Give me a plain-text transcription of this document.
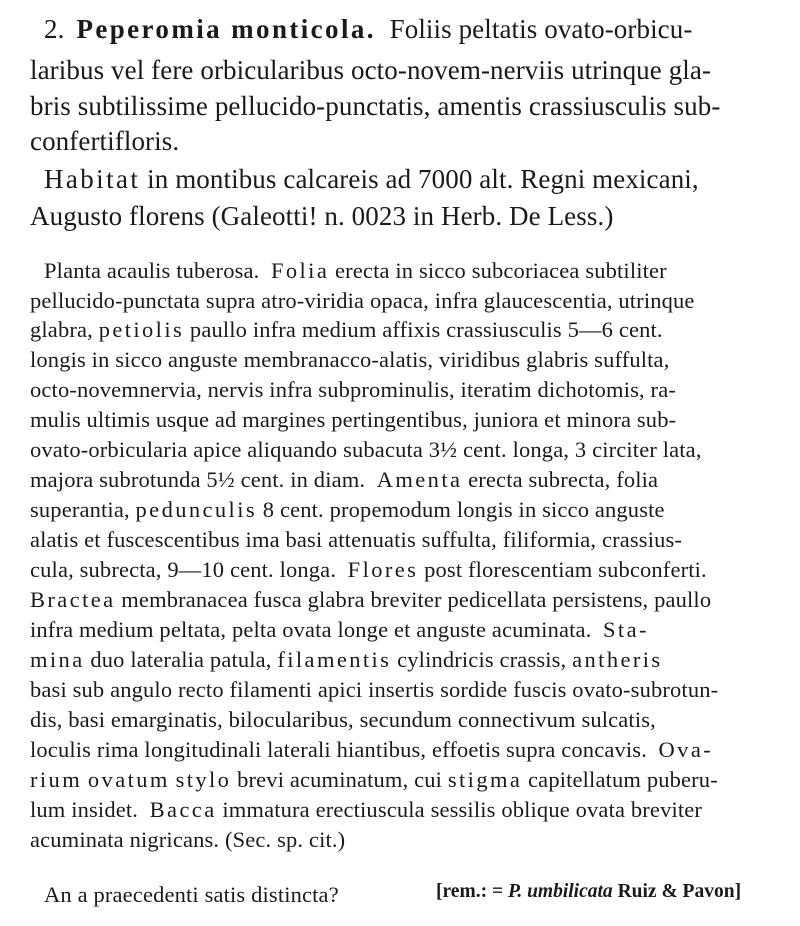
2. Peperomia monticola. Foliis peltatis ovato-orbicu-
laribus vel fere orbicularibus octo-novem-nerviis utrinque gla-
bris subtilissime pellucido-punctatis, amentis crassiusculis sub-
confertifloris.
Habitat in montibus calcareis ad 7000 alt. Regni mexicani,
Augusto florens (Galeotti! n. 0023 in Herb. De Less.)
Planta acaulis tuberosa. Folia erecta in sicco subcoriacea subtiliter
pellucido-punctata supra atro-viridia opaca, infra glaucescentia, utrinque
glabra, petiolis paullo infra medium affixis crassiusculis 5—6 cent.
longis in sicco anguste membranacco-alatis, viridibus glabris suffulta,
octo-novemnervia, nervis infra subprominulis, iteratim dichotomis, ra-
mulis ultimis usque ad margines pertingentibus, juniora et minora sub-
ovato-orbicularia apice aliquando subacuta 3½ cent. longa, 3 circiter lata,
majora subrotunda 5½ cent. in diam. Amenta erecta subrecta, folia
superantia, pedunculis 8 cent. propemodum longis in sicco anguste
alatis et fuscescentibus ima basi attenuatis suffulta, filiformia, crassius-
cula, subrecta, 9—10 cent. longa. Flores post florescentiam subconferti.
Bractea membranacea fusca glabra breviter pedicellata persistens, paullo
infra medium peltata, pelta ovata longe et anguste acuminata. Sta-
mina duo lateralia patula, filamentis cylindricis crassis, antheris
basi sub angulo recto filamenti apici insertis sordide fuscis ovato-subrotun-
dis, basi emarginatis, bilocularibus, secundum connectivum sulcatis,
loculis rima longitudinali laterali hiantibus, effoetis supra concavis. Ova-
rium ovatum stylo brevi acuminatum, cui stigma capitellatum puberu-
lum insidet. Bacca immatura erectiuscula sessilis oblique ovata breviter
acuminata nigricans. (Sec. sp. cit.)
An a praecedenti satis distincta?	[rem.: = P. umbilicata Ruiz & Pavon]
